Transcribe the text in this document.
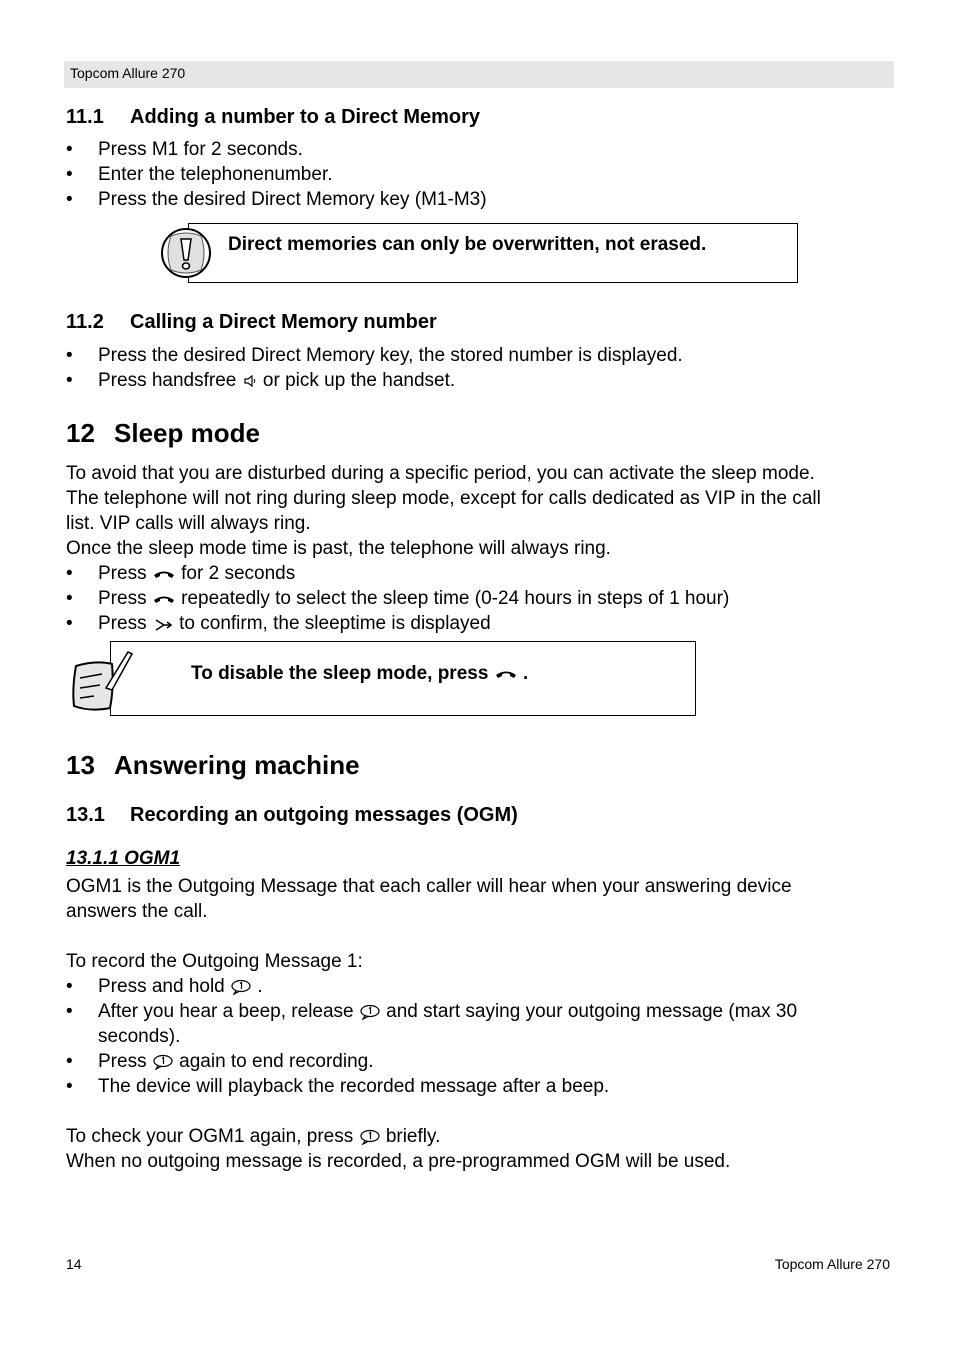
Topcom Allure 270
11.1 Adding a number to a Direct Memory
• Press M1 for 2 seconds.
• Enter the telephonenumber.
• Press the desired Direct Memory key (M1-M3)
Direct memories can only be overwritten, not erased.
11.2 Calling a Direct Memory number
• Press the desired Direct Memory key, the stored number is displayed.
• Press handsfree or pick up the handset.
12 Sleep mode
To avoid that you are disturbed during a specific period, you can activate the sleep mode.
The telephone will not ring during sleep mode, except for calls dedicated as VIP in the call
list. VIP calls will always ring.
Once the sleep mode time is past, the telephone will always ring.
• Press for 2 seconds
• Press repeatedly to select the sleep time (0-24 hours in steps of 1 hour)
• Press to confirm, the sleeptime is displayed
To disable the sleep mode, press .
13 Answering machine
13.1 Recording an outgoing messages (OGM)
13.1.1 OGM1
OGM1 is the Outgoing Message that each caller will hear when your answering device
answers the call.
To record the Outgoing Message 1:
• Press and hold .
• After you hear a beep, release and start saying your outgoing message (max 30
seconds).
• Press again to end recording.
• The device will playback the recorded message after a beep.
To check your OGM1 again, press briefly.
When no outgoing message is recorded, a pre-programmed OGM will be used.
14	Topcom Allure 270
